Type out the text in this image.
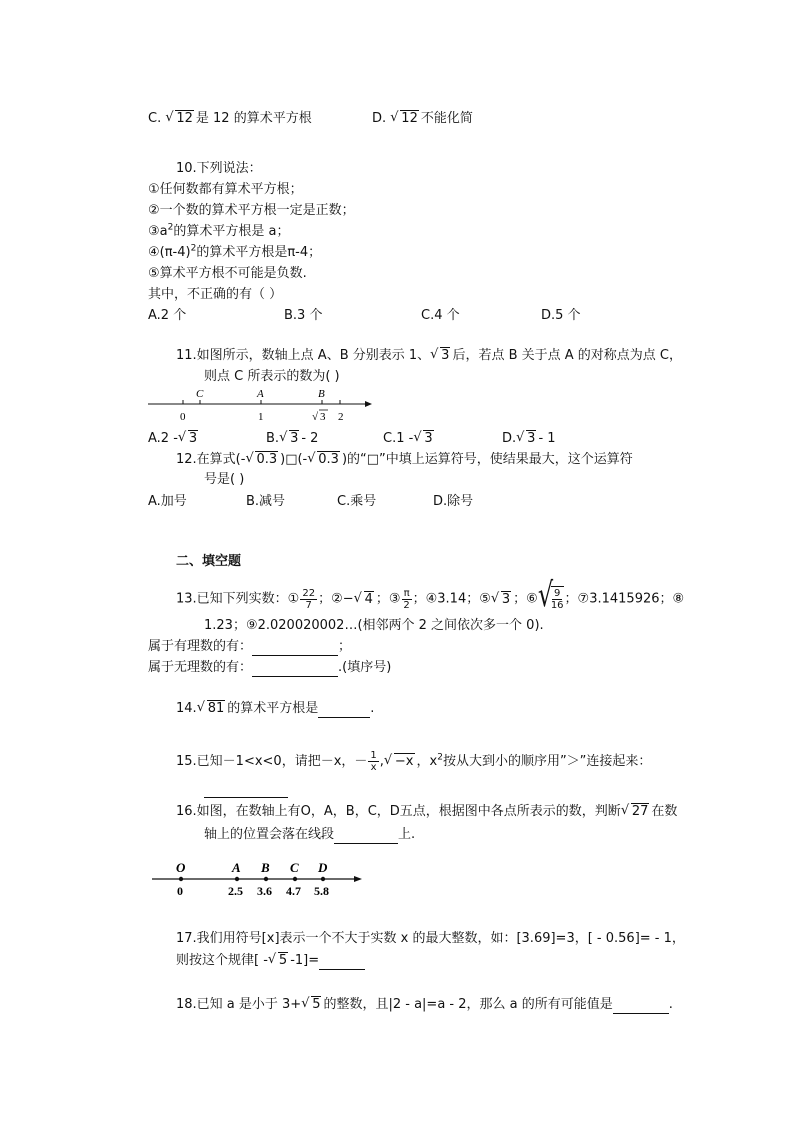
C. √ 12 是 12 的算术平方根	D. √ 12 不能化简
10.下列说法：
①任何数都有算术平方根；
②一个数的算术平方根一定是正数；
$③a^2$的算术平方根是 a；
$④(\pi-4)^2$的算术平方根是π-4；
⑤算术平方根不可能是负数.
其中，不正确的有（ ）
A.2 个	B.3 个	C.4 个	D.5 个
11.如图所示，数轴上点 A、B 分别表示 1、 √ 3 后，若点 B 关于点 A 的对称点为点 C，
则点 C 所表示的数为( )
C	A	B
0	1	√ 3 2
A.2 - √ 3	B. √ 3 - 2	C.1 - √ 3	D. √ 3 - 1
12.在算式(- √ 0.3 )□(- √ 0.3 )的“□”中填上运算符号，使结果最大，这个运算符
号是( )
A.加号	B.减号	C.乘号	D.除号
二、填空题
13.已知下列实数：① $\frac{22}{7}$ ；②− √ 4 ；③ $\frac{\pi}{2}$ ；④3.14；⑤ √ 3 ；⑥ √ $\frac{9}{16}$ ；⑦3.1415926；⑧
1.23；⑨2.020020002…(相邻两个 2 之间依次多一个 0).
属于有理数的有：	；
属于无理数的有：	.(填序号)
14. √ 81 的算术平方根是	.
15.已知－1<x<0，请把－x，－ $\frac{1}{x}$ , √ −x ，$x^2$按从大到小的顺序用”＞”连接起来：
16.如图，在数轴上有O，A，B，C，D五点，根据图中各点所表示的数，判断 √ 27 在数
轴上的位置会落在线段	上.
O
0
A
2.5
B
3.6
C
4.7
D
5.8
17.我们用符号[x]表示一个不大于实数 x 的最大整数，如：[3.69]=3，[ - 0.56]= - 1，
则按这个规律[ - √ 5 -1]=
18.已知 a 是小于 3+ √ 5 的整数，且|2 - a|=a - 2，那么 a 的所有可能值是	.
